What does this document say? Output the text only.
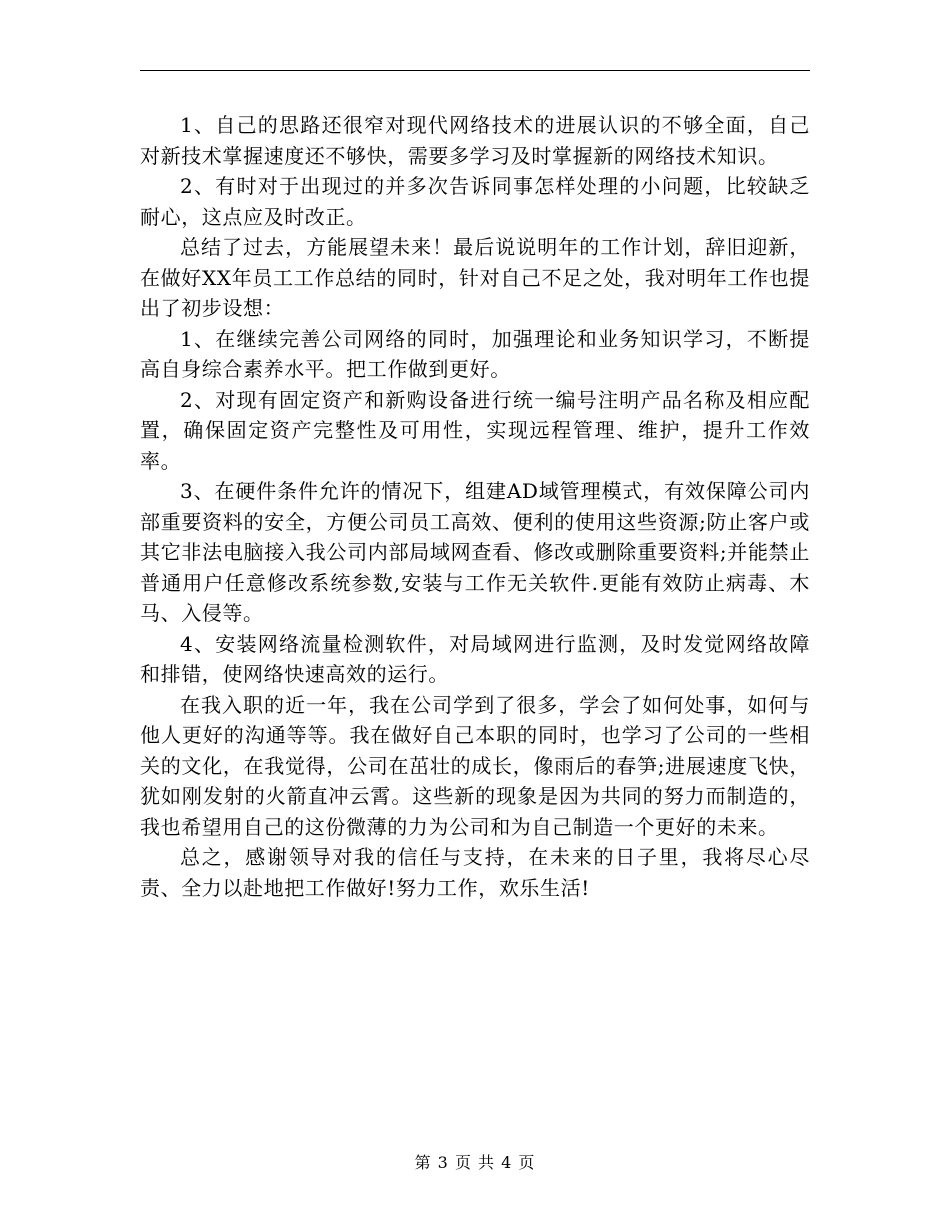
1、自己的思路还很窄对现代网络技术的进展认识的不够全面，自己对新技术掌握速度还不够快，需要多学习及时掌握新的网络技术知识。

2、有时对于出现过的并多次告诉同事怎样处理的小问题，比较缺乏耐心，这点应及时改正。

总结了过去，方能展望未来！最后说说明年的工作计划，辞旧迎新，在做好XX年员工工作总结的同时，针对自己不足之处，我对明年工作也提出了初步设想：

1、在继续完善公司网络的同时，加强理论和业务知识学习，不断提高自身综合素养水平。把工作做到更好。

2、对现有固定资产和新购设备进行统一编号注明产品名称及相应配置，确保固定资产完整性及可用性，实现远程管理、维护，提升工作效率。

3、在硬件条件允许的情况下，组建AD域管理模式，有效保障公司内部重要资料的安全，方便公司员工高效、便利的使用这些资源;防止客户或其它非法电脑接入我公司内部局域网查看、修改或删除重要资料;并能禁止普通用户任意修改系统参数,安装与工作无关软件.更能有效防止病毒、木马、入侵等。

4、安装网络流量检测软件，对局域网进行监测，及时发觉网络故障和排错，使网络快速高效的运行。

在我入职的近一年，我在公司学到了很多，学会了如何处事，如何与他人更好的沟通等等。我在做好自己本职的同时，也学习了公司的一些相关的文化，在我觉得，公司在茁壮的成长，像雨后的春笋;进展速度飞快，犹如刚发射的火箭直冲云霄。这些新的现象是因为共同的努力而制造的，我也希望用自己的这份微薄的力为公司和为自己制造一个更好的未来。

总之，感谢领导对我的信任与支持，在未来的日子里，我将尽心尽责、全力以赴地把工作做好!努力工作，欢乐生活!

第 3 页 共 4 页
